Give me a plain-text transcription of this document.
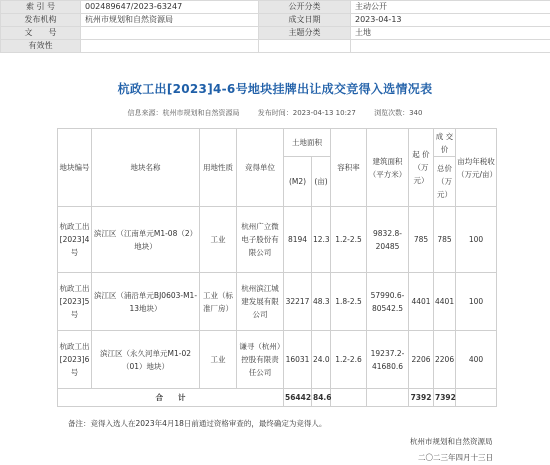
索 引 号	002489647/2023-63247	公开分类	主动公开
发布机构	杭州市规划和自然资源局	成文日期	2023-04-13
文　　号		主题分类	土地
有效性			
杭政工出[2023]4-6号地块挂牌出让成交竞得入选情况表
信息来源：杭州市规划和自然资源局	发布时间：2023-04-13 10:27	浏览次数：340
地块编号	地块名称	用地性质	竞得单位	土地面积		容积率	建筑面积（平方米）	起 价（万元）	成 交 价	亩均年税收（万元/亩）
				(M2)	(亩)				总价（万元）	
杭政工出[2023]4号	滨江区（江南单元M1-08（2）地块）	工业	杭州广立微电子股份有限公司	8194	12.3	1.2-2.5	9832.8-20485	785	785	100
杭政工出[2023]5号	滨江区（浦沿单元BJ0603-M1-13地块）	工业（标准厂房）	杭州滨江城建发展有限公司	32217	48.3	1.8-2.5	57990.6-80542.5	4401	4401	100
杭政工出[2023]6号	滨江区（永久河单元M1-02（01）地块）	工业	谦寻（杭州）控股有限责任公司	16031	24.0	1.2-2.6	19237.2-41680.6	2206	2206	400
合　　计				56442	84.6			7392	7392	
备注：竞得入选人在2023年4月18日前通过资格审查的，最终确定为竞得人。
杭州市规划和自然资源局
二〇二三年四月十三日
